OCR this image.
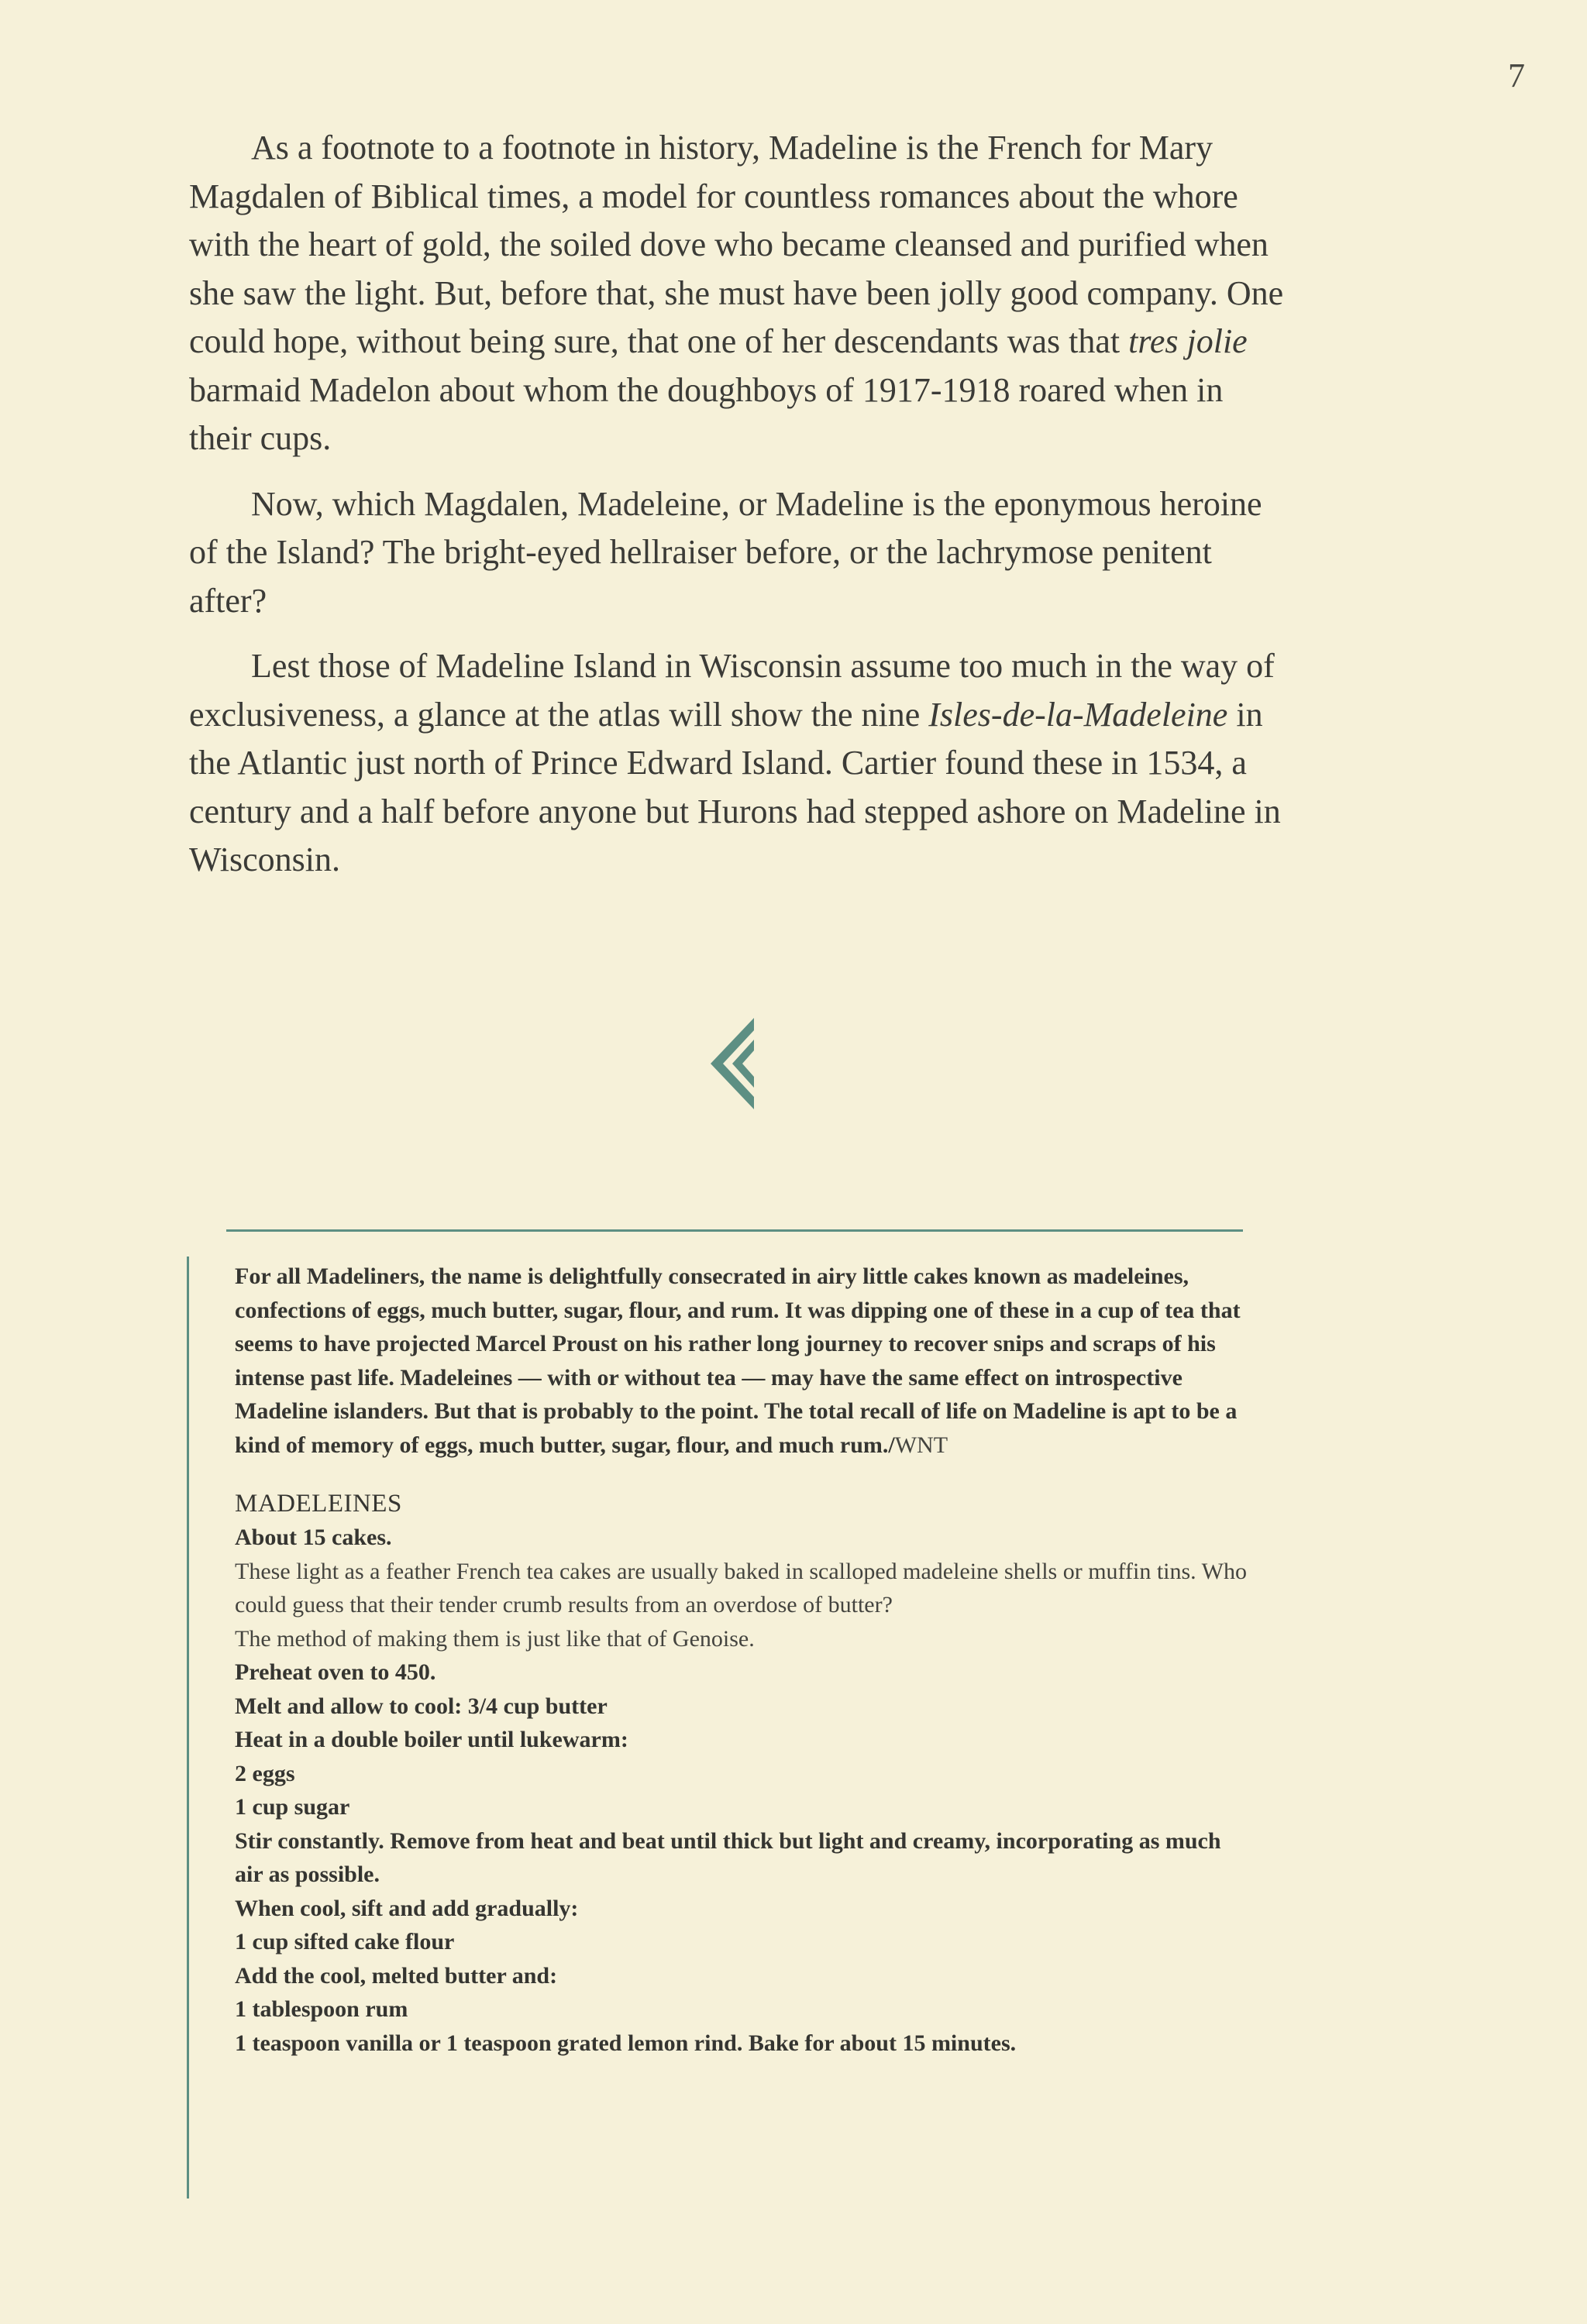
7

As a footnote to a footnote in history, Madeline is the French for Mary Magdalen of Biblical times, a model for countless romances about the whore with the heart of gold, the soiled dove who became cleansed and purified when she saw the light. But, before that, she must have been jolly good company. One could hope, without being sure, that one of her descendants was that tres jolie barmaid Madelon about whom the doughboys of 1917-1918 roared when in their cups.

Now, which Magdalen, Madeleine, or Madeline is the eponymous heroine of the Island? The bright-eyed hellraiser before, or the lachrymose penitent after?

Lest those of Madeline Island in Wisconsin assume too much in the way of exclusiveness, a glance at the atlas will show the nine Isles-de-la-Madeleine in the Atlantic just north of Prince Edward Island. Cartier found these in 1534, a century and a half before anyone but Hurons had stepped ashore on Madeline in Wisconsin.

For all Madeliners, the name is delightfully consecrated in airy little cakes known as madeleines, confections of eggs, much butter, sugar, flour, and rum. It was dipping one of these in a cup of tea that seems to have projected Marcel Proust on his rather long journey to recover snips and scraps of his intense past life. Madeleines — with or without tea — may have the same effect on introspective Madeline islanders. But that is probably to the point. The total recall of life on Madeline is apt to be a kind of memory of eggs, much butter, sugar, flour, and much rum./WNT

MADELEINES
About 15 cakes.
These light as a feather French tea cakes are usually baked in scalloped madeleine shells or muffin tins. Who could guess that their tender crumb results from an overdose of butter?
The method of making them is just like that of Genoise.
Preheat oven to 450.
Melt and allow to cool: 3/4 cup butter
Heat in a double boiler until lukewarm:
2 eggs
1 cup sugar
Stir constantly. Remove from heat and beat until thick but light and creamy, incorporating as much air as possible.
When cool, sift and add gradually:
1 cup sifted cake flour
Add the cool, melted butter and:
1 tablespoon rum
1 teaspoon vanilla or 1 teaspoon grated lemon rind. Bake for about 15 minutes.
